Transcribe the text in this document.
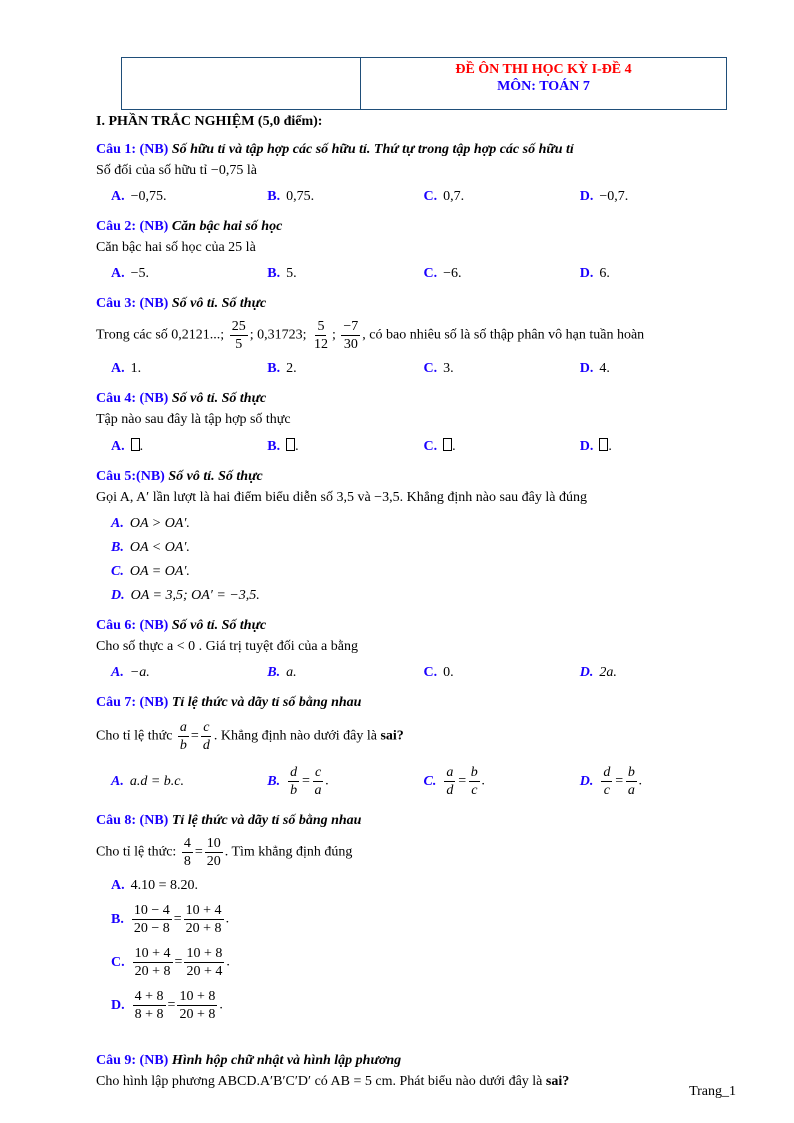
ĐỀ ÔN THI HỌC KỲ I-ĐỀ 4
MÔN: TOÁN 7
I. PHẦN TRẮC NGHIỆM (5,0 điểm):
Câu 1: (NB) Số hữu tỉ và tập hợp các số hữu tỉ. Thứ tự trong tập hợp các số hữu tỉ
Số đối của số hữu tỉ −0,75 là
A. −0,75.	B. 0,75.	C. 0,7.	D. −0,7.
Câu 2: (NB) Căn bậc hai số học
Căn bậc hai số học của 25 là
A. −5.	B. 5.	C. −6.	D. 6.
Câu 3: (NB) Số vô tỉ. Số thực
Trong các số 0,2121...; $\frac{25}{5}$ ; 0,31723; $\frac{5}{12}$ ; $\frac{-7}{30}$ , có bao nhiêu số là số thập phân vô hạn tuần hoàn
A. 1.	B. 2.	C. 3.	D. 4.
Câu 4: (NB) Số vô tỉ. Số thực
Tập nào sau đây là tập hợp số thực
A. .	B. .	C. .	D. .
Câu 5:(NB) Số vô tỉ. Số thực
Gọi A, A′ lần lượt là hai điểm biểu diễn số 3,5 và −3,5. Khẳng định nào sau đây là đúng
A. OA > OA′.
B. OA < OA′.
C. OA = OA′.
D. OA = 3,5; OA′ = −3,5.
Câu 6: (NB) Số vô tỉ. Số thực
Cho số thực a < 0 . Giá trị tuyệt đối của a bằng
A. −a.	B. a.	C. 0.	D. 2a.
Câu 7: (NB) Tỉ lệ thức và dãy tỉ số bằng nhau
Cho tỉ lệ thức $\frac{a}{b} = \frac{c}{d}$ . Khẳng định nào dưới đây là sai?
A. a.d = b.c.	B. $\frac{d}{b} = \frac{c}{a}$ .	C. $\frac{a}{d} = \frac{b}{c}$ .	D. $\frac{d}{c} = \frac{b}{a}$ .
Câu 8: (NB) Tỉ lệ thức và dãy tỉ số bằng nhau
Cho tỉ lệ thức: $\frac{4}{8} = \frac{10}{20}$ . Tìm khẳng định đúng
A. 4.10 = 8.20.
B. $\frac{10 - 4}{20 - 8} = \frac{10 + 4}{20 + 8}$ .
C. $\frac{10 + 4}{20 + 8} = \frac{10 + 8}{20 + 4}$ .
D. $\frac{4 + 8}{8 + 8} = \frac{10 + 8}{20 + 8}$ .
Câu 9: (NB) Hình hộp chữ nhật và hình lập phương
Cho hình lập phương ABCD.A′B′C′D′ có AB = 5 cm. Phát biểu nào dưới đây là sai?
Trang_1
